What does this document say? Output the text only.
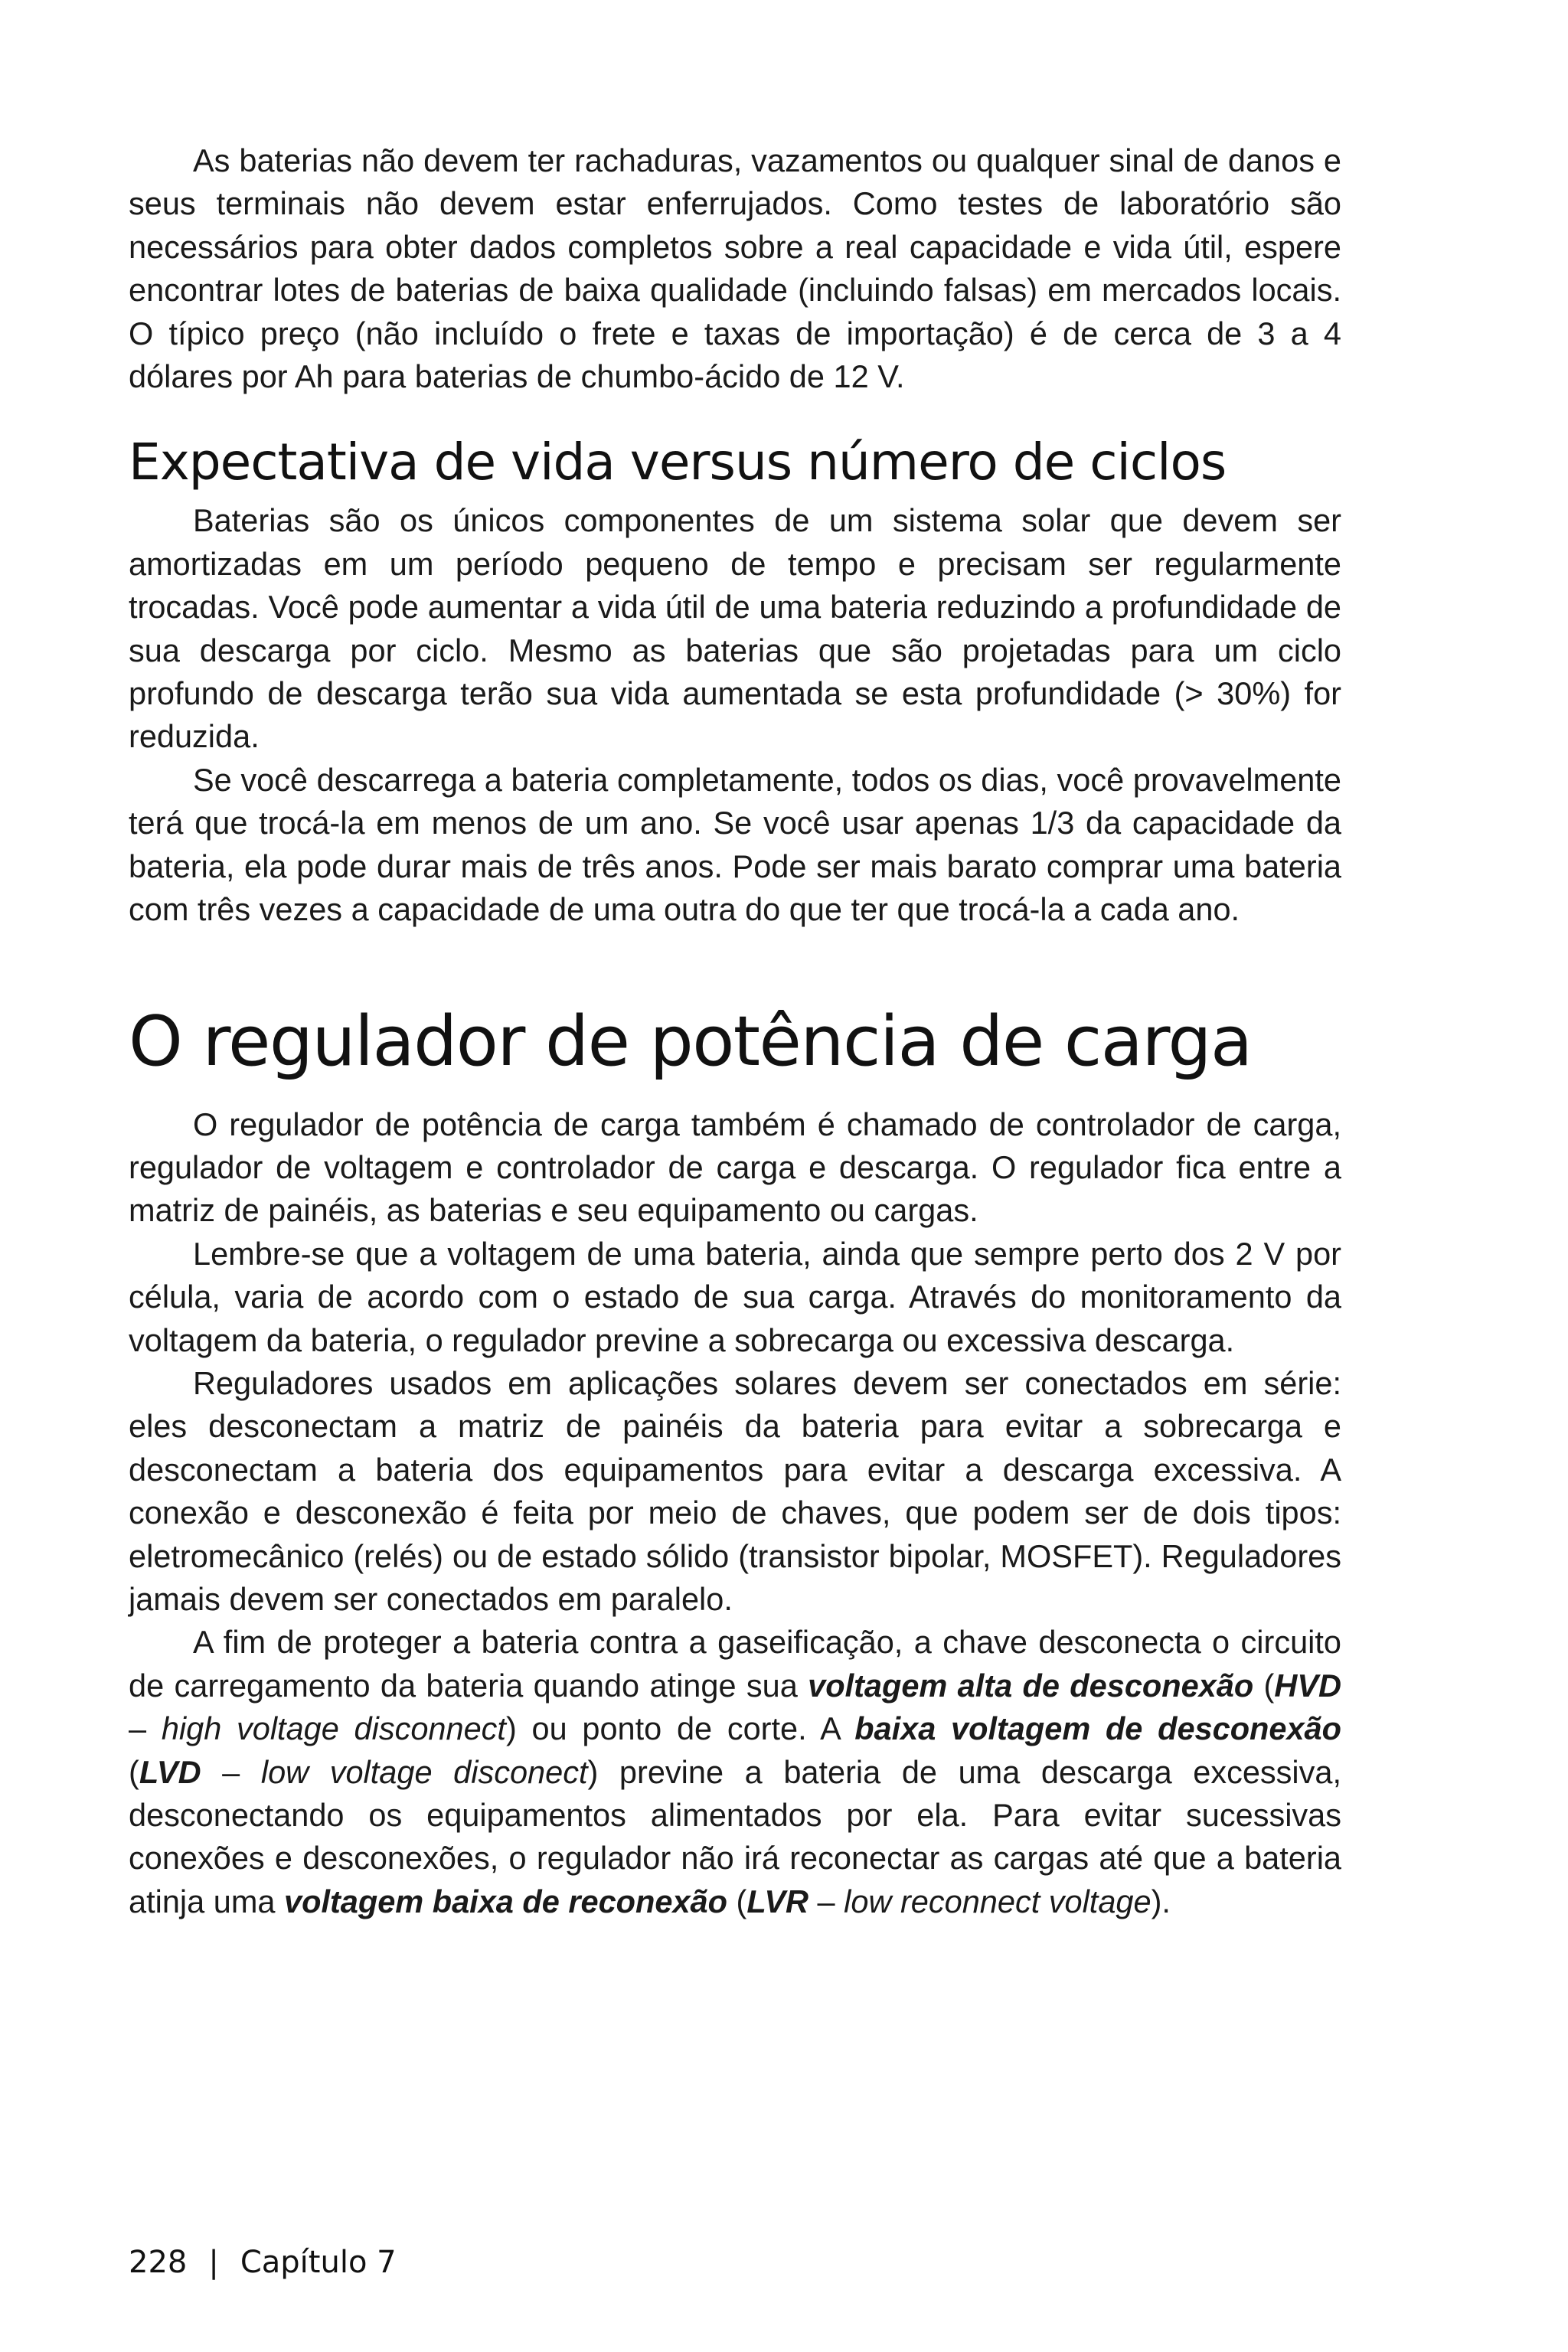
As baterias não devem ter rachaduras, vazamentos ou qualquer sinal de danos e seus terminais não devem estar enferrujados. Como testes de laboratório são necessários para obter dados completos sobre a real capacidade e vida útil, espere encontrar lotes de baterias de baixa qualidade (incluindo falsas) em mercados locais. O típico preço (não incluído o frete e taxas de importação) é de cerca de 3 a 4 dólares por Ah para baterias de chumbo-ácido de 12 V.

Expectativa de vida versus número de ciclos

Baterias são os únicos componentes de um sistema solar que devem ser amortizadas em um período pequeno de tempo e precisam ser regularmente trocadas. Você pode aumentar a vida útil de uma bateria reduzindo a profundidade de sua descarga por ciclo. Mesmo as baterias que são projetadas para um ciclo profundo de descarga terão sua vida aumentada se esta profundidade (> 30%) for reduzida.

Se você descarrega a bateria completamente, todos os dias, você provavelmente terá que trocá-la em menos de um ano. Se você usar apenas 1/3 da capacidade da bateria, ela pode durar mais de três anos. Pode ser mais barato comprar uma bateria com três vezes a capacidade de uma outra do que ter que trocá-la a cada ano.

O regulador de potência de carga

O regulador de potência de carga também é chamado de controlador de carga, regulador de voltagem e controlador de carga e descarga. O regulador fica entre a matriz de painéis, as baterias e seu equipamento ou cargas.

Lembre-se que a voltagem de uma bateria, ainda que sempre perto dos 2 V por célula, varia de acordo com o estado de sua carga. Através do monitoramento da voltagem da bateria, o regulador previne a sobrecarga ou excessiva descarga.

Reguladores usados em aplicações solares devem ser conectados em série: eles desconectam a matriz de painéis da bateria para evitar a sobrecarga e desconectam a bateria dos equipamentos para evitar a descarga excessiva. A conexão e desconexão é feita por meio de chaves, que podem ser de dois tipos: eletromecânico (relés) ou de estado sólido (transistor bipolar, MOSFET). Reguladores jamais devem ser conectados em paralelo.

A fim de proteger a bateria contra a gaseificação, a chave desconecta o circuito de carregamento da bateria quando atinge sua voltagem alta de desconexão (HVD – high voltage disconnect) ou ponto de corte. A baixa voltagem de desconexão (LVD – low voltage disconect) previne a bateria de uma descarga excessiva, desconectando os equipamentos alimentados por ela. Para evitar sucessivas conexões e desconexões, o regulador não irá reconectar as cargas até que a bateria atinja uma voltagem baixa de reconexão (LVR – low reconnect voltage).

228 | Capítulo 7
